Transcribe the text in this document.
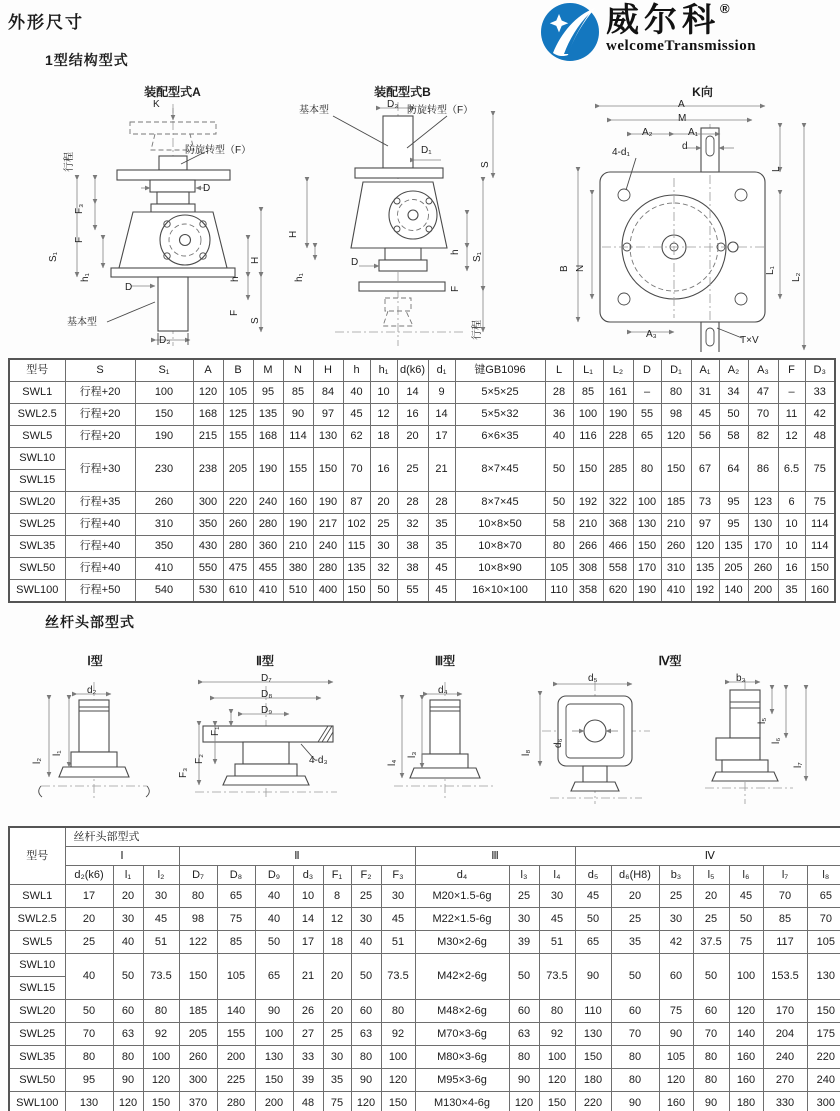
外形尺寸	威尔科®
welcomeTransmission
1型结构型式
装配型式A	装配型式B	K向
K
行程
防旋转型（F）
F₃
D
F
S₁
h₁	h
H
D
F
S
基本型
D₃
基本型
D₃
防旋转型（F）
D₁
S
H
h S₁
h₁
D
F
行程
A
M
A₂	A₁
4-d₁
d
L
B N	L₁
L₂
A₃
T×V
型号	S	S₁	A	B	M	N	H	h	h₁	d(k6)	d₁	键GB1096	L	L₁	L₂	D	D₁	A₁	A₂	A₃	F	D₃
SWL1	行程+20	100	120	105	95	85	84	40	10	14	9	5×5×25	28	85	161	–	80	31	34	47	–	33
SWL2.5	行程+20	150	168	125	135	90	97	45	12	16	14	5×5×32	36	100	190	55	98	45	50	70	11	42
SWL5	行程+20	190	215	155	168	114	130	62	18	20	17	6×6×35	40	116	228	65	120	56	58	82	12	48
SWL10	行程+30	230	238	205	190	155	150	70	16	25	21	8×7×45	50	150	285	80	150	67	64	86	6.5	75
SWL15																						
SWL20	行程+35	260	300	220	240	160	190	87	20	28	28	8×7×45	50	192	322	100	185	73	95	123	6	75
SWL25	行程+40	310	350	260	280	190	217	102	25	32	35	10×8×50	58	210	368	130	210	97	95	130	10	114
SWL35	行程+40	350	430	280	360	210	240	115	30	38	35	10×8×70	80	266	466	150	260	120	135	170	10	114
SWL50	行程+40	410	550	475	455	380	280	135	32	38	45	10×8×90	105	308	558	170	310	135	205	260	16	150
SWL100	行程+50	540	530	610	410	510	400	150	50	55	45	16×10×100	110	358	620	190	410	192	140	200	35	160
丝杆头部型式
Ⅰ型	Ⅱ型	Ⅲ型	Ⅳ型
d₂
l₁
l₂
D₇
D₈
F₁
D₉
F₂
F₃
4-d₃
d₄
l₃
l₄
d₅
d₆
l₈
b₃
l₅
l₆
l₇
型号	丝杆头部型式																			
	Ⅰ			Ⅱ							Ⅲ			Ⅳ						
	d₂(k6)	l₁	l₂	D₇	D₈	D₉	d₃	F₁	F₂	F₃	d₄	l₃	l₄	d₅	d₆(H8)	b₃	l₅	l₆	l₇	l₈
SWL1	17	20	30	80	65	40	10	8	25	30	M20×1.5-6g	25	30	45	20	25	20	45	70	65
SWL2.5	20	30	45	98	75	40	14	12	30	45	M22×1.5-6g	30	45	50	25	30	25	50	85	70
SWL5	25	40	51	122	85	50	17	18	40	51	M30×2-6g	39	51	65	35	42	37.5	75	117	105
SWL10	40	50	73.5	150	105	65	21	20	50	73.5	M42×2-6g	50	73.5	90	50	60	50	100	153.5	130
SWL15																				
SWL20	50	60	80	185	140	90	26	20	60	80	M48×2-6g	60	80	110	60	75	60	120	170	150
SWL25	70	63	92	205	155	100	27	25	63	92	M70×3-6g	63	92	130	70	90	70	140	204	175
SWL35	80	80	100	260	200	130	33	30	80	100	M80×3-6g	80	100	150	80	105	80	160	240	220
SWL50	95	90	120	300	225	150	39	35	90	120	M95×3-6g	90	120	180	80	120	80	160	270	240
SWL100	130	120	150	370	280	200	48	75	120	150	M130×4-6g	120	150	220	90	160	90	180	330	300
